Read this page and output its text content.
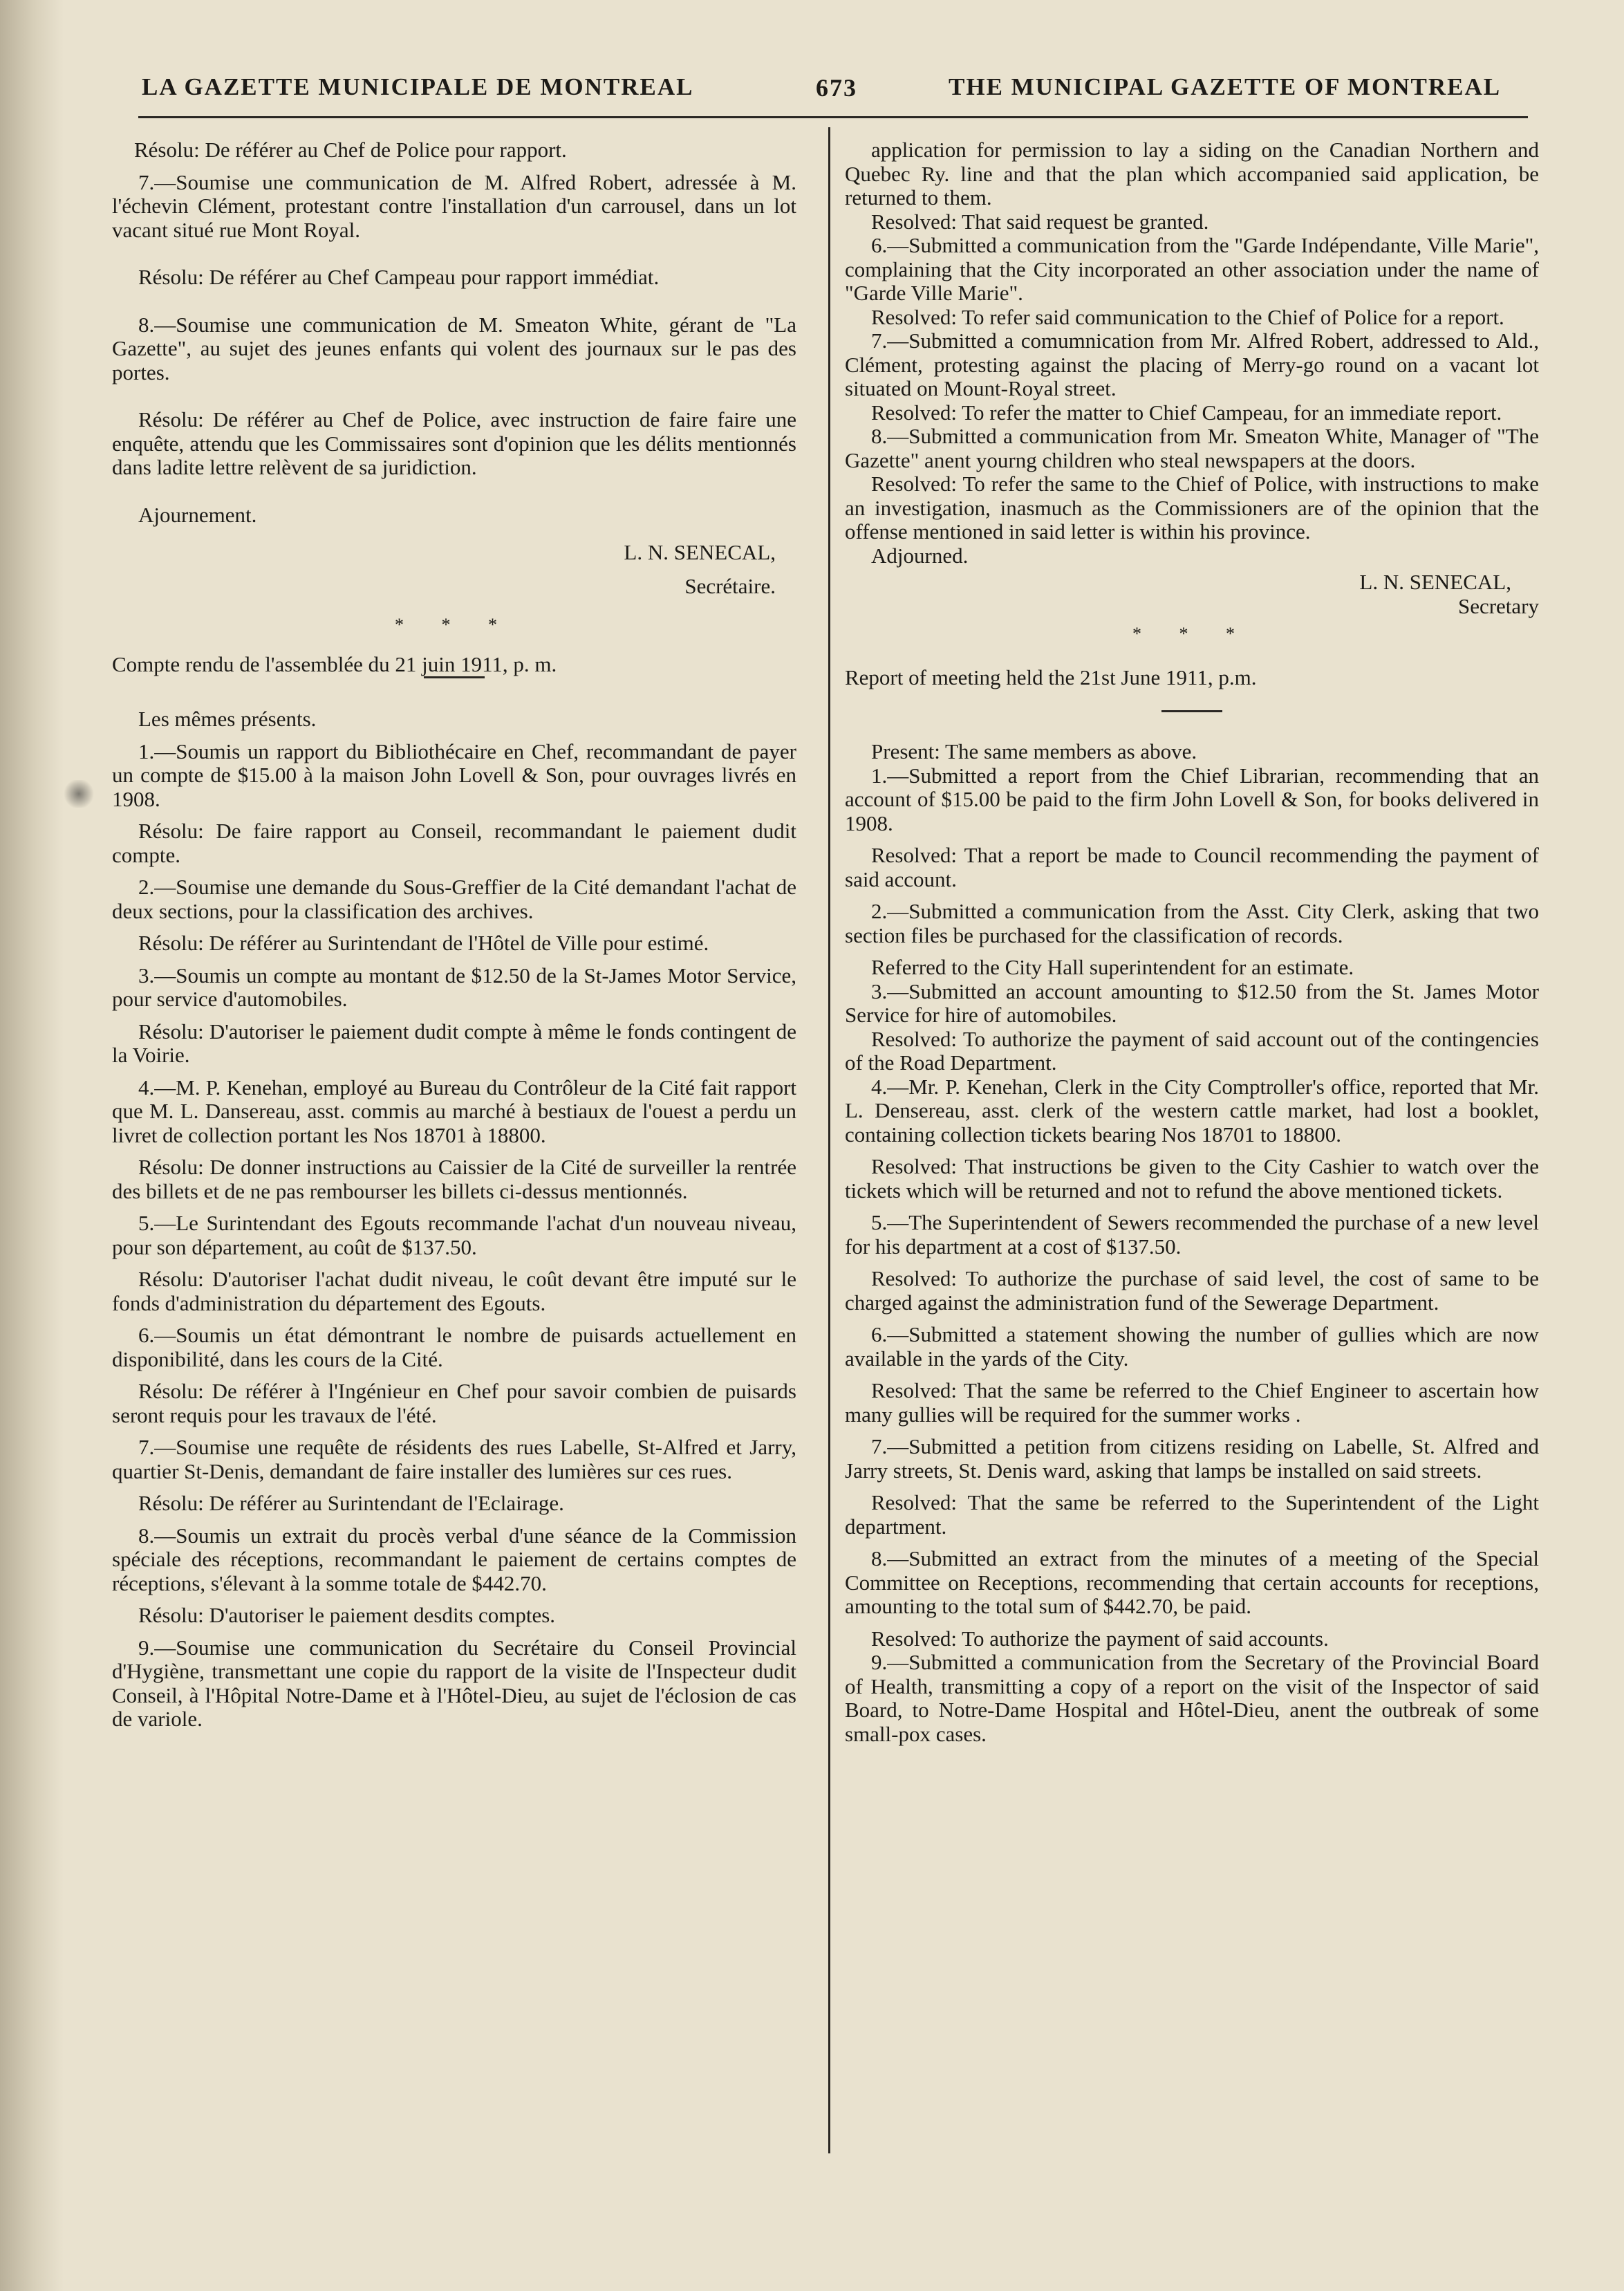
LA GAZETTE MUNICIPALE DE MONTREAL	673	THE MUNICIPAL GAZETTE OF MONTREAL

Résolu: De référer au Chef de Police pour rapport.

7.—Soumise une communication de M. Alfred Robert, adressée à M. l'échevin Clément, protestant contre l'installation d'un carrousel, dans un lot vacant situé rue Mont Royal.

Résolu: De référer au Chef Campeau pour rapport immédiat.

8.—Soumise une communication de M. Smeaton White, gérant de "La Gazette", au sujet des jeunes enfants qui volent des journaux sur le pas des portes.

Résolu: De référer au Chef de Police, avec instruction de faire faire une enquête, attendu que les Commissaires sont d'opinion que les délits mentionnés dans ladite lettre relèvent de sa juridiction.

Ajournement.

L. N. SENECAL,
Secrétaire.
* * *

Compte rendu de l'assemblée du 21 juin 1911, p. m.

Les mêmes présents.

1.—Soumis un rapport du Bibliothécaire en Chef, recommandant de payer un compte de $15.00 à la maison John Lovell & Son, pour ouvrages livrés en 1908.

Résolu: De faire rapport au Conseil, recommandant le paiement dudit compte.

2.—Soumise une demande du Sous-Greffier de la Cité demandant l'achat de deux sections, pour la classification des archives.

Résolu: De référer au Surintendant de l'Hôtel de Ville pour estimé.

3.—Soumis un compte au montant de $12.50 de la St-James Motor Service, pour service d'automobiles.

Résolu: D'autoriser le paiement dudit compte à même le fonds contingent de la Voirie.

4.—M. P. Kenehan, employé au Bureau du Contrôleur de la Cité fait rapport que M. L. Dansereau, asst. commis au marché à bestiaux de l'ouest a perdu un livret de collection portant les Nos 18701 à 18800.

Résolu: De donner instructions au Caissier de la Cité de surveiller la rentrée des billets et de ne pas rembourser les billets ci-dessus mentionnés.

5.—Le Surintendant des Egouts recommande l'achat d'un nouveau niveau, pour son département, au coût de $137.50.

Résolu: D'autoriser l'achat dudit niveau, le coût devant être imputé sur le fonds d'administration du département des Egouts.

6.—Soumis un état démontrant le nombre de puisards actuellement en disponibilité, dans les cours de la Cité.

Résolu: De référer à l'Ingénieur en Chef pour savoir combien de puisards seront requis pour les travaux de l'été.

7.—Soumise une requête de résidents des rues Labelle, St-Alfred et Jarry, quartier St-Denis, demandant de faire installer des lumières sur ces rues.

Résolu: De référer au Surintendant de l'Eclairage.

8.—Soumis un extrait du procès verbal d'une séance de la Commission spéciale des réceptions, recommandant le paiement de certains comptes de réceptions, s'élevant à la somme totale de $442.70.

Résolu: D'autoriser le paiement desdits comptes.

9.—Soumise une communication du Secrétaire du Conseil Provincial d'Hygiène, transmettant une copie du rapport de la visite de l'Inspecteur dudit Conseil, à l'Hôpital Notre-Dame et à l'Hôtel-Dieu, au sujet de l'éclosion de cas de variole.

application for permission to lay a siding on the Canadian Northern and Quebec Ry. line and that the plan which accompanied said application, be returned to them.

Resolved: That said request be granted.

6.—Submitted a communication from the "Garde Indépendante, Ville Marie", complaining that the City incorporated an other association under the name of "Garde Ville Marie".

Resolved: To refer said communication to the Chief of Police for a report.

7.—Submitted a comumnication from Mr. Alfred Robert, addressed to Ald., Clément, protesting against the placing of Merry-go round on a vacant lot situated on Mount-Royal street.

Resolved: To refer the matter to Chief Campeau, for an immediate report.

8.—Submitted a communication from Mr. Smeaton White, Manager of "The Gazette" anent yourng children who steal newspapers at the doors.

Resolved: To refer the same to the Chief of Police, with instructions to make an investigation, inasmuch as the Commissioners are of the opinion that the offense mentioned in said letter is within his province.

Adjourned.

L. N. SENECAL,
Secretary
* * *

Report of meeting held the 21st June 1911, p.m.

Present: The same members as above.

1.—Submitted a report from the Chief Librarian, recommending that an account of $15.00 be paid to the firm John Lovell & Son, for books delivered in 1908.

Resolved: That a report be made to Council recommending the payment of said account.

2.—Submitted a communication from the Asst. City Clerk, asking that two section files be purchased for the classification of records.

Referred to the City Hall superintendent for an estimate.

3.—Submitted an account amounting to $12.50 from the St. James Motor Service for hire of automobiles.

Resolved: To authorize the payment of said account out of the contingencies of the Road Department.

4.—Mr. P. Kenehan, Clerk in the City Comptroller's office, reported that Mr. L. Densereau, asst. clerk of the western cattle market, had lost a booklet, containing collection tickets bearing Nos 18701 to 18800.

Resolved: That instructions be given to the City Cashier to watch over the tickets which will be returned and not to refund the above mentioned tickets.

5.—The Superintendent of Sewers recommended the purchase of a new level for his department at a cost of $137.50.

Resolved: To authorize the purchase of said level, the cost of same to be charged against the administration fund of the Sewerage Department.

6.—Submitted a statement showing the number of gullies which are now available in the yards of the City.

Resolved: That the same be referred to the Chief Engineer to ascertain how many gullies will be required for the summer works .

7.—Submitted a petition from citizens residing on Labelle, St. Alfred and Jarry streets, St. Denis ward, asking that lamps be installed on said streets.

Resolved: That the same be referred to the Superintendent of the Light department.

8.—Submitted an extract from the minutes of a meeting of the Special Committee on Receptions, recommending that certain accounts for receptions, amounting to the total sum of $442.70, be paid.

Resolved: To authorize the payment of said accounts.

9.—Submitted a communication from the Secretary of the Provincial Board of Health, transmitting a copy of a report on the visit of the Inspector of said Board, to Notre-Dame Hospital and Hôtel-Dieu, anent the outbreak of some small-pox cases.
